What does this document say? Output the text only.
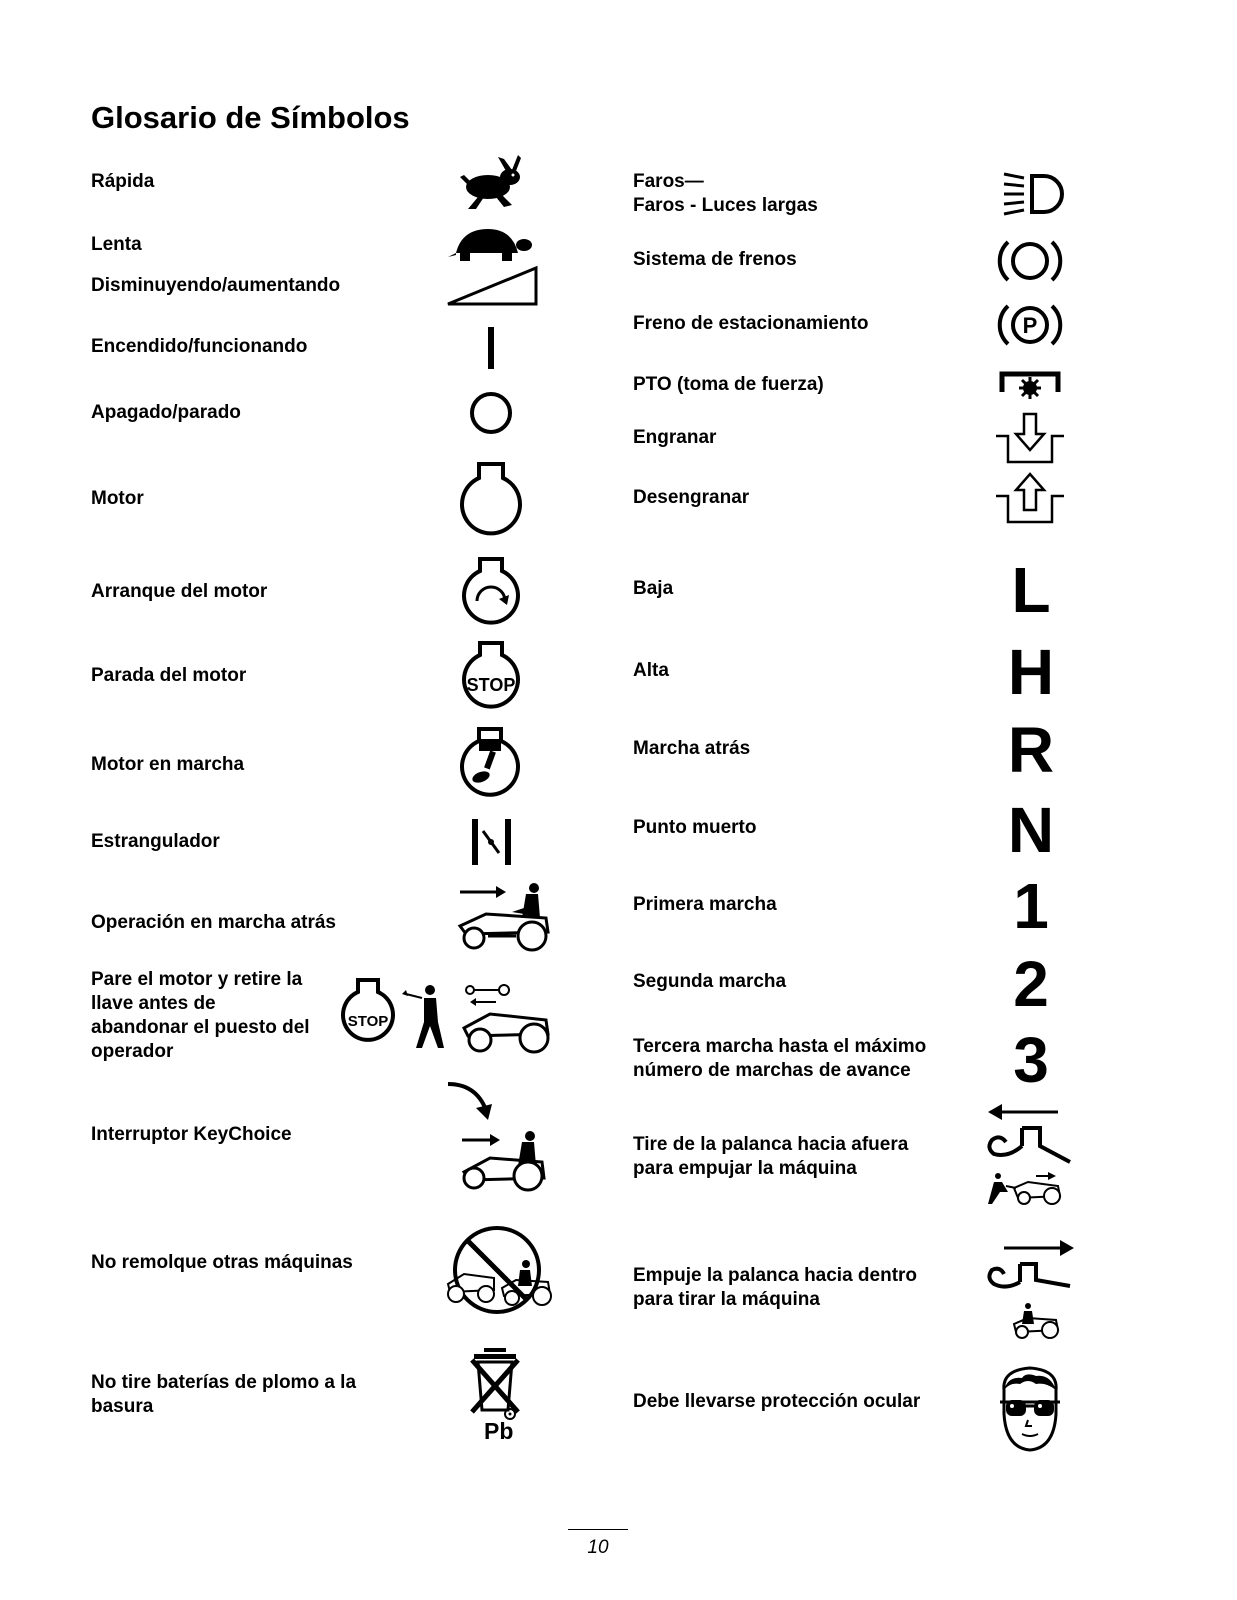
Glosario de Símbolos
Rápida
Lenta
Disminuyendo/aumentando
Encendido/funcionando
Apagado/parado
Motor
Arranque del motor
Parada del motor
Motor en marcha
Estrangulador
Operación en marcha atrás
Pare el motor y retire la
llave antes de
abandonar el puesto del
operador
Interruptor KeyChoice
No remolque otras máquinas
No tire baterías de plomo a la
basura
Faros—
Faros - Luces largas
Sistema de frenos
Freno de estacionamiento
PTO (toma de fuerza)
Engranar
Desengranar
Baja
Alta
Marcha atrás
Punto muerto
Primera marcha
Segunda marcha
Tercera marcha hasta el máximo
número de marchas de avance
Tire de la palanca hacia afuera
para empujar la máquina
Empuje la palanca hacia dentro
para tirar la máquina
Debe llevarse protección ocular
STOP
STOP
Pb
P
L
H
R
N
1
2
3
10
